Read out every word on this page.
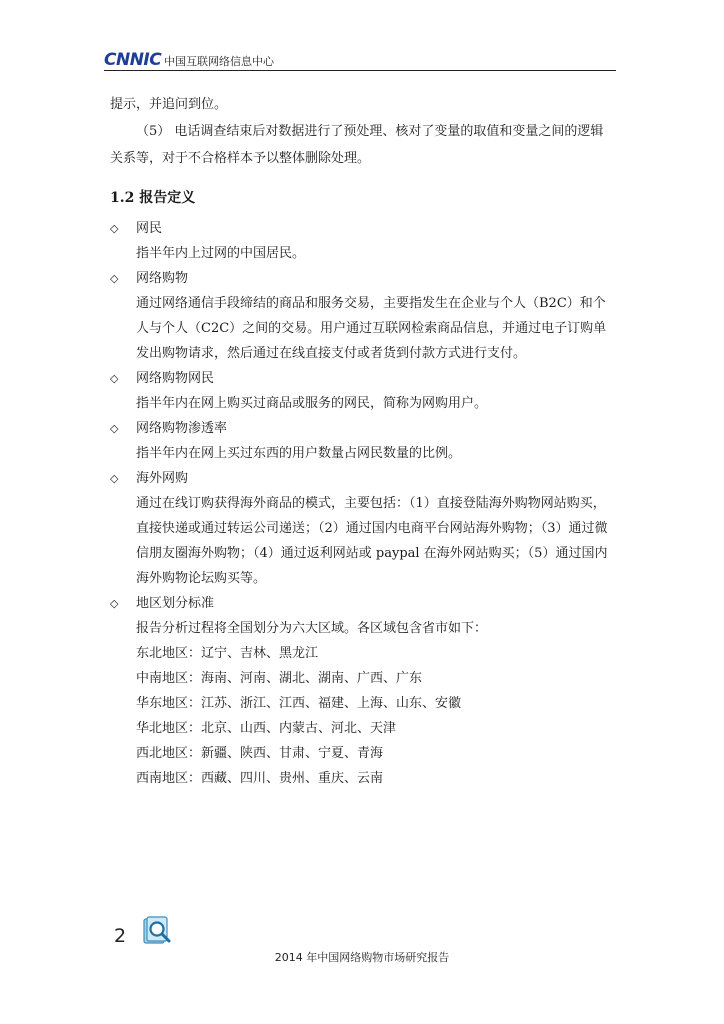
CNNIC 中国互联网络信息中心

提示，并追问到位。

（5） 电话调查结束后对数据进行了预处理、核对了变量的取值和变量之间的逻辑关系等，对于不合格样本予以整体删除处理。

1.2 报告定义
◇	网民
指半年内上过网的中国居民。
◇	网络购物
通过网络通信手段缔结的商品和服务交易，主要指发生在企业与个人（B2C）和个人与个人（C2C）之间的交易。用户通过互联网检索商品信息，并通过电子订购单发出购物请求，然后通过在线直接支付或者货到付款方式进行支付。
◇	网络购物网民
指半年内在网上购买过商品或服务的网民，简称为网购用户。
◇	网络购物渗透率
指半年内在网上买过东西的用户数量占网民数量的比例。
◇	海外网购
通过在线订购获得海外商品的模式，主要包括：（1）直接登陆海外购物网站购买，直接快递或通过转运公司递送；（2）通过国内电商平台网站海外购物；（3）通过微信朋友圈海外购物；（4）通过返利网站或 paypal 在海外网站购买；（5）通过国内海外购物论坛购买等。
◇	地区划分标准
报告分析过程将全国划分为六大区域。各区域包含省市如下：
东北地区：辽宁、吉林、黑龙江
中南地区：海南、河南、湖北、湖南、广西、广东
华东地区：江苏、浙江、江西、福建、上海、山东、安徽
华北地区：北京、山西、内蒙古、河北、天津
西北地区：新疆、陕西、甘肃、宁夏、青海
西南地区：西藏、四川、贵州、重庆、云南
2
2014 年中国网络购物市场研究报告
